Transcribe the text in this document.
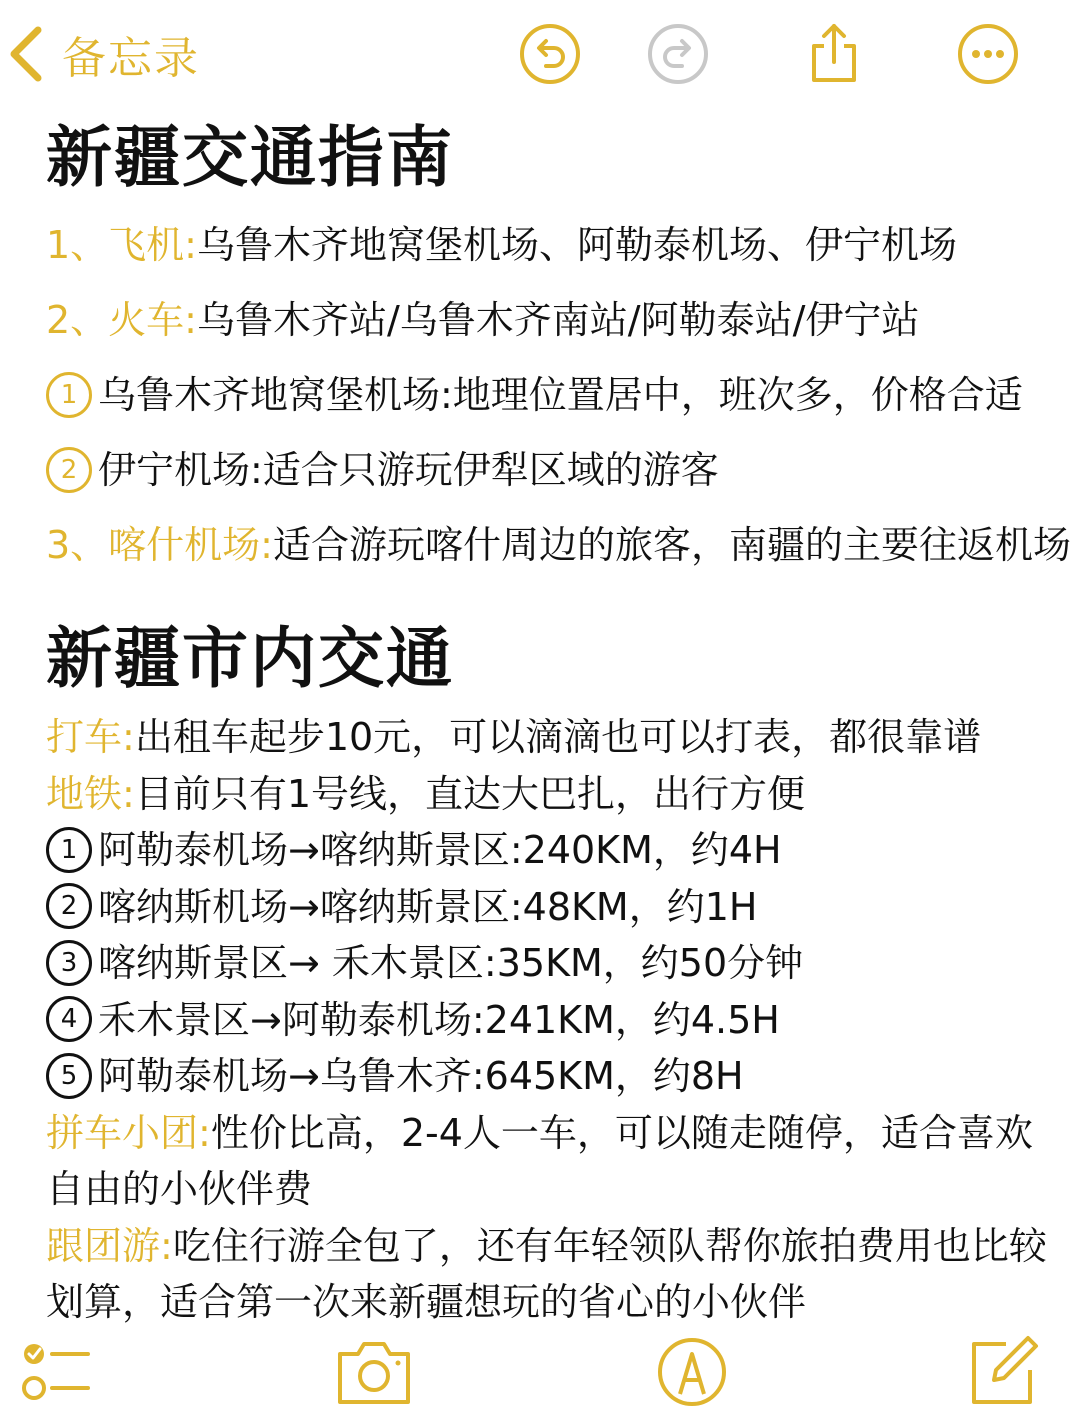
备忘录
新疆交通指南
1、飞机:乌鲁木齐地窝堡机场、阿勒泰机场、伊宁机场
2、火车:乌鲁木齐站/乌鲁木齐南站/阿勒泰站/伊宁站
1 乌鲁木齐地窝堡机场:地理位置居中，班次多，价格合适
2 伊宁机场:适合只游玩伊犁区域的游客
3、喀什机场:适合游玩喀什周边的旅客，南疆的主要往返机场
新疆市内交通
打车:出租车起步10元，可以滴滴也可以打表，都很靠谱
地铁:目前只有1号线，直达大巴扎，出行方便
1 阿勒泰机场→喀纳斯景区:240KM，约4H
2 喀纳斯机场→喀纳斯景区:48KM，约1H
3 喀纳斯景区→ 禾木景区:35KM，约50分钟
4 禾木景区→阿勒泰机场:241KM，约4.5H
5 阿勒泰机场→乌鲁木齐:645KM，约8H
拼车小团:性价比高，2-4人一车，可以随走随停，适合喜欢自由的小伙伴费
跟团游:吃住行游全包了，还有年轻领队帮你旅拍费用也比较划算，适合第一次来新疆想玩的省心的小伙伴
